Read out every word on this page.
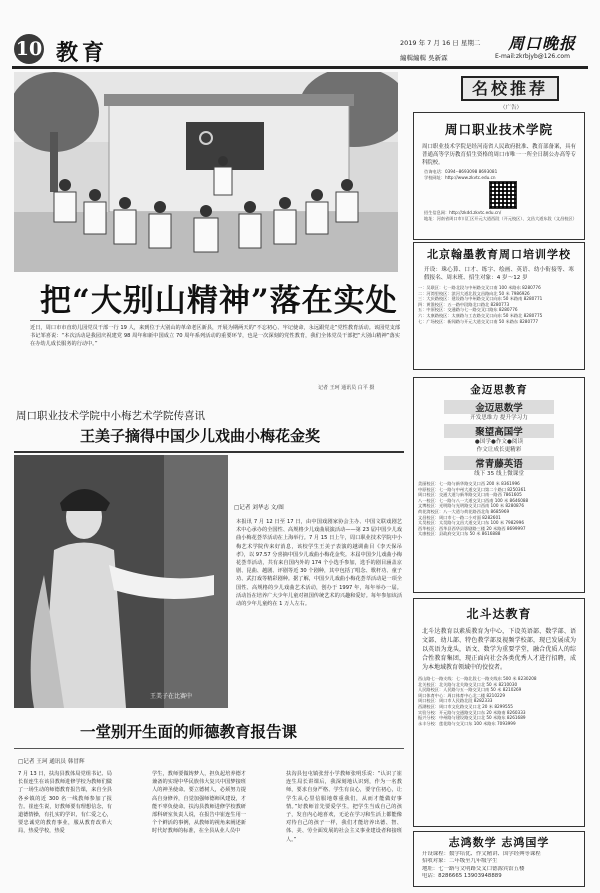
10 教育	2019 年 7 月 16 日 星期二 周口晚报
編輯編輯 吳新霖	E-mail:zkrbjyb@126.com
把“大别山精神”落在实处
近日，周口市市直幼儿园党员干部一行 19 人，来到位于大别山的革命老区新县，开展为期两天的“不忘初心、牢记使命，永远跟党走”党性教育活动。该园党支部书记邹喜说：“本次活动是我园庆祝建党 98 周年和新中国成立 70 周年系列活动的重要环节，也是一次深刻的党性教育，我们全体党员干部把“大别山精神”落实在办幼儿成长服务的行动中。”
记者 王珂 通讯员 白平 摄
周口职业技术学院中小梅艺术学院传喜讯
王美子摘得中国少儿戏曲小梅花金奖
王美子在比赛中
□记者 刘华志 文/图
本报讯 7 月 12 日至 17 日，由中国戏剧家协会主办、中国文联戏剧艺术中心承办的全国性、高规格少儿戏曲展演活动——第 23 届中国少儿戏曲小梅花荟萃活动在上海举行。7 月 15 日上午，周口职业技术学院中小梅艺术学院传来好消息，该校学生王美子表演的越调曲目《李天保吊孝》，以 97.57 分喜摘中国少儿戏曲小梅花金奖。本届中国少儿戏曲小梅花荟萃活动，共有来自国内外的 174 个小选手参加，选手的剧目涵盖京剧、昆曲、越剧、评剧等近 30 个剧种，其中包括了唱念、歌杆功、童子功、武打戏等精彩剧种。据了解，中国少儿戏曲小梅花荟萃活动是一项全国性、高规格的少儿戏曲艺术活动，创办于 1997 年，每年举办一届。活动旨在培养广大少年儿童对祖国传统艺术的兴趣和爱好。每年参加该活动的少年儿童约在 1 万人左右。
一堂别开生面的师德教育报告课
□记者 王珂 通讯员 韩冒辉
7 月 13 日，扶沟县教体局党组书记、局长崔连生在该县教师进修学校为教师们做了一场生动的师德教育报告课，来自全县各乡镇的近 300 名一线教师参加了报告。崔连生说，好教师要有理想信念，有道德情操，有扎实的学识，有仁爱之心，要忠诚党的教育事业，服从教育改革大局，热爱学校，热爱
学生，教师要做铸梦人，担负起培养德才兼备的实现中华民族伟大复兴中国梦接班人的神圣使命。要立德树人，必须努力提高自身修养，自觉加强师德师风建设，才能不辜负使命。扶沟县教师进修学校教研部科研室负责人说，在报告中崔连生用一个个鲜活的事例，从教师的视角来阐述新时代好教师的标准，在全县从业人员中
扶沟县包屯镇张营小学教师张明乐说：“认识了崔连生局长讲课后，我深刻地认识到，作为一名教师，要求自身严格、学生有良心，要守住初心，让学生从心里信服地尊重我们，从而才能做好事情。”好教师首先要爱学生，把学生当成自己的孩子，发自内心地喜欢，无论在学习和生活上都能像对待自己的孩子一样，我们才能培养出德、智、体、美、劳全面发展的社会主义事业建设者和接班人。”
名校推荐
（广告）
周口职业技术学院
周口职业技术学院是经河南省人民政府批准、教育部备案，具有普通高等学历教育招生资格的周口市唯一一所全日制公办高等专科院校。
咨询电话：0394--8693098 8693081
学校网址：http://www.zkvtc.edu.cn
招生信息网：http://zkdd.zkvtc.edu.cn/
地址：河南省周口市川汇区开元大道西段（开元校区）、文昌大道东段（文昌校区）
北京翰墨教育周口培训学校
开设：珠心算、口才、练字、绘画、英语、幼小衔接等、寒假报名、周末班、招生对象：4 岁～12 岁
一：吴联区：七一路北段与中州路交叉口南 100 米路东 8280776
二：河湾里校区：滨河大道北段文昌路向北 50 米 7986926
三：大庆路校区：建设路与中州路交叉口向东 50 米路南 8280771
四：黄淮校区：五一路中段路北口路北 8280773
五：中原校区：交通路与七一路交叉口路东 8280776
六：太康路校区：太康路与工农路交叉口向东 50 米路北 8280775
七：广场校区：新闻路与开元大道交叉口南 50 米路东 8280777
金迈思教育
金迈思数学
开发思维力 提升学习力
聚望高国学
●国学●作文●阅读
作文让成长更精彩
常青藤英语
线下 35 线上微课堂
美丽校区：七一路与新华路交叉口西 200 米 8361996
中原校区：七一路与中州大道交叉口第二个路口 8250361
周口校区：交通大道与新华路交叉口南一路西 7861605
八一校区：七一路与八一大道交叉口西南 100 米 8646088
文博校区：光明路与光明路交叉口西南 100 米 8280876
荷花湾校区：八一大道与荷花路西北角 8685969
文昌校区：周口市七一路二小对面 8282601
太昊校区：太昊路与文昌大道交叉口东 100 米 7982996
西华校区：西华县西华县影剧路三楼 20 米路西 8699997
太康校区：县政府交叉口东 50 米 8616888
北斗达教育
北斗达教育以素质教育为中心，下设英语部、数学部、语文部、幼儿部、特色教学部及视频学校部，现已发展成为以英语为龙头，语文、数学为重要学堂，融合优质人的综合性教育集团，现正面向社会各类优秀人才进行招聘，成为本地域教育领域中的佼佼者。
西山路七一路支线：七一路北段七一路支线东 500 米 8230208
北关校区：北关路与北关路交叉口北 50 米 8210030
人民路校区：人民路与五一路交叉口南 50 米 8210269
周口体育中心：周口体育中心北二楼 8210229
周口校区：周口市人民路北段 8282333
西湖校区：周口市文化路交叉口北 20 米 8299555
实验分校：开元路与交通路交叉口东 20 米路南 8260333
振兴分校：中州路与建设路交叉口北 50 米路东 8261689
永丰分校：莲花路与交叉口东 100 米路东 7093999
志鸿数学 志鸿国学
开设课程：数学培优、作文精讲、国学经典等课程
招收对象：二年级至九年级学生
地址：七一路与文明路交叉口德源宾馆五楼
电话：8286665 13903948889
